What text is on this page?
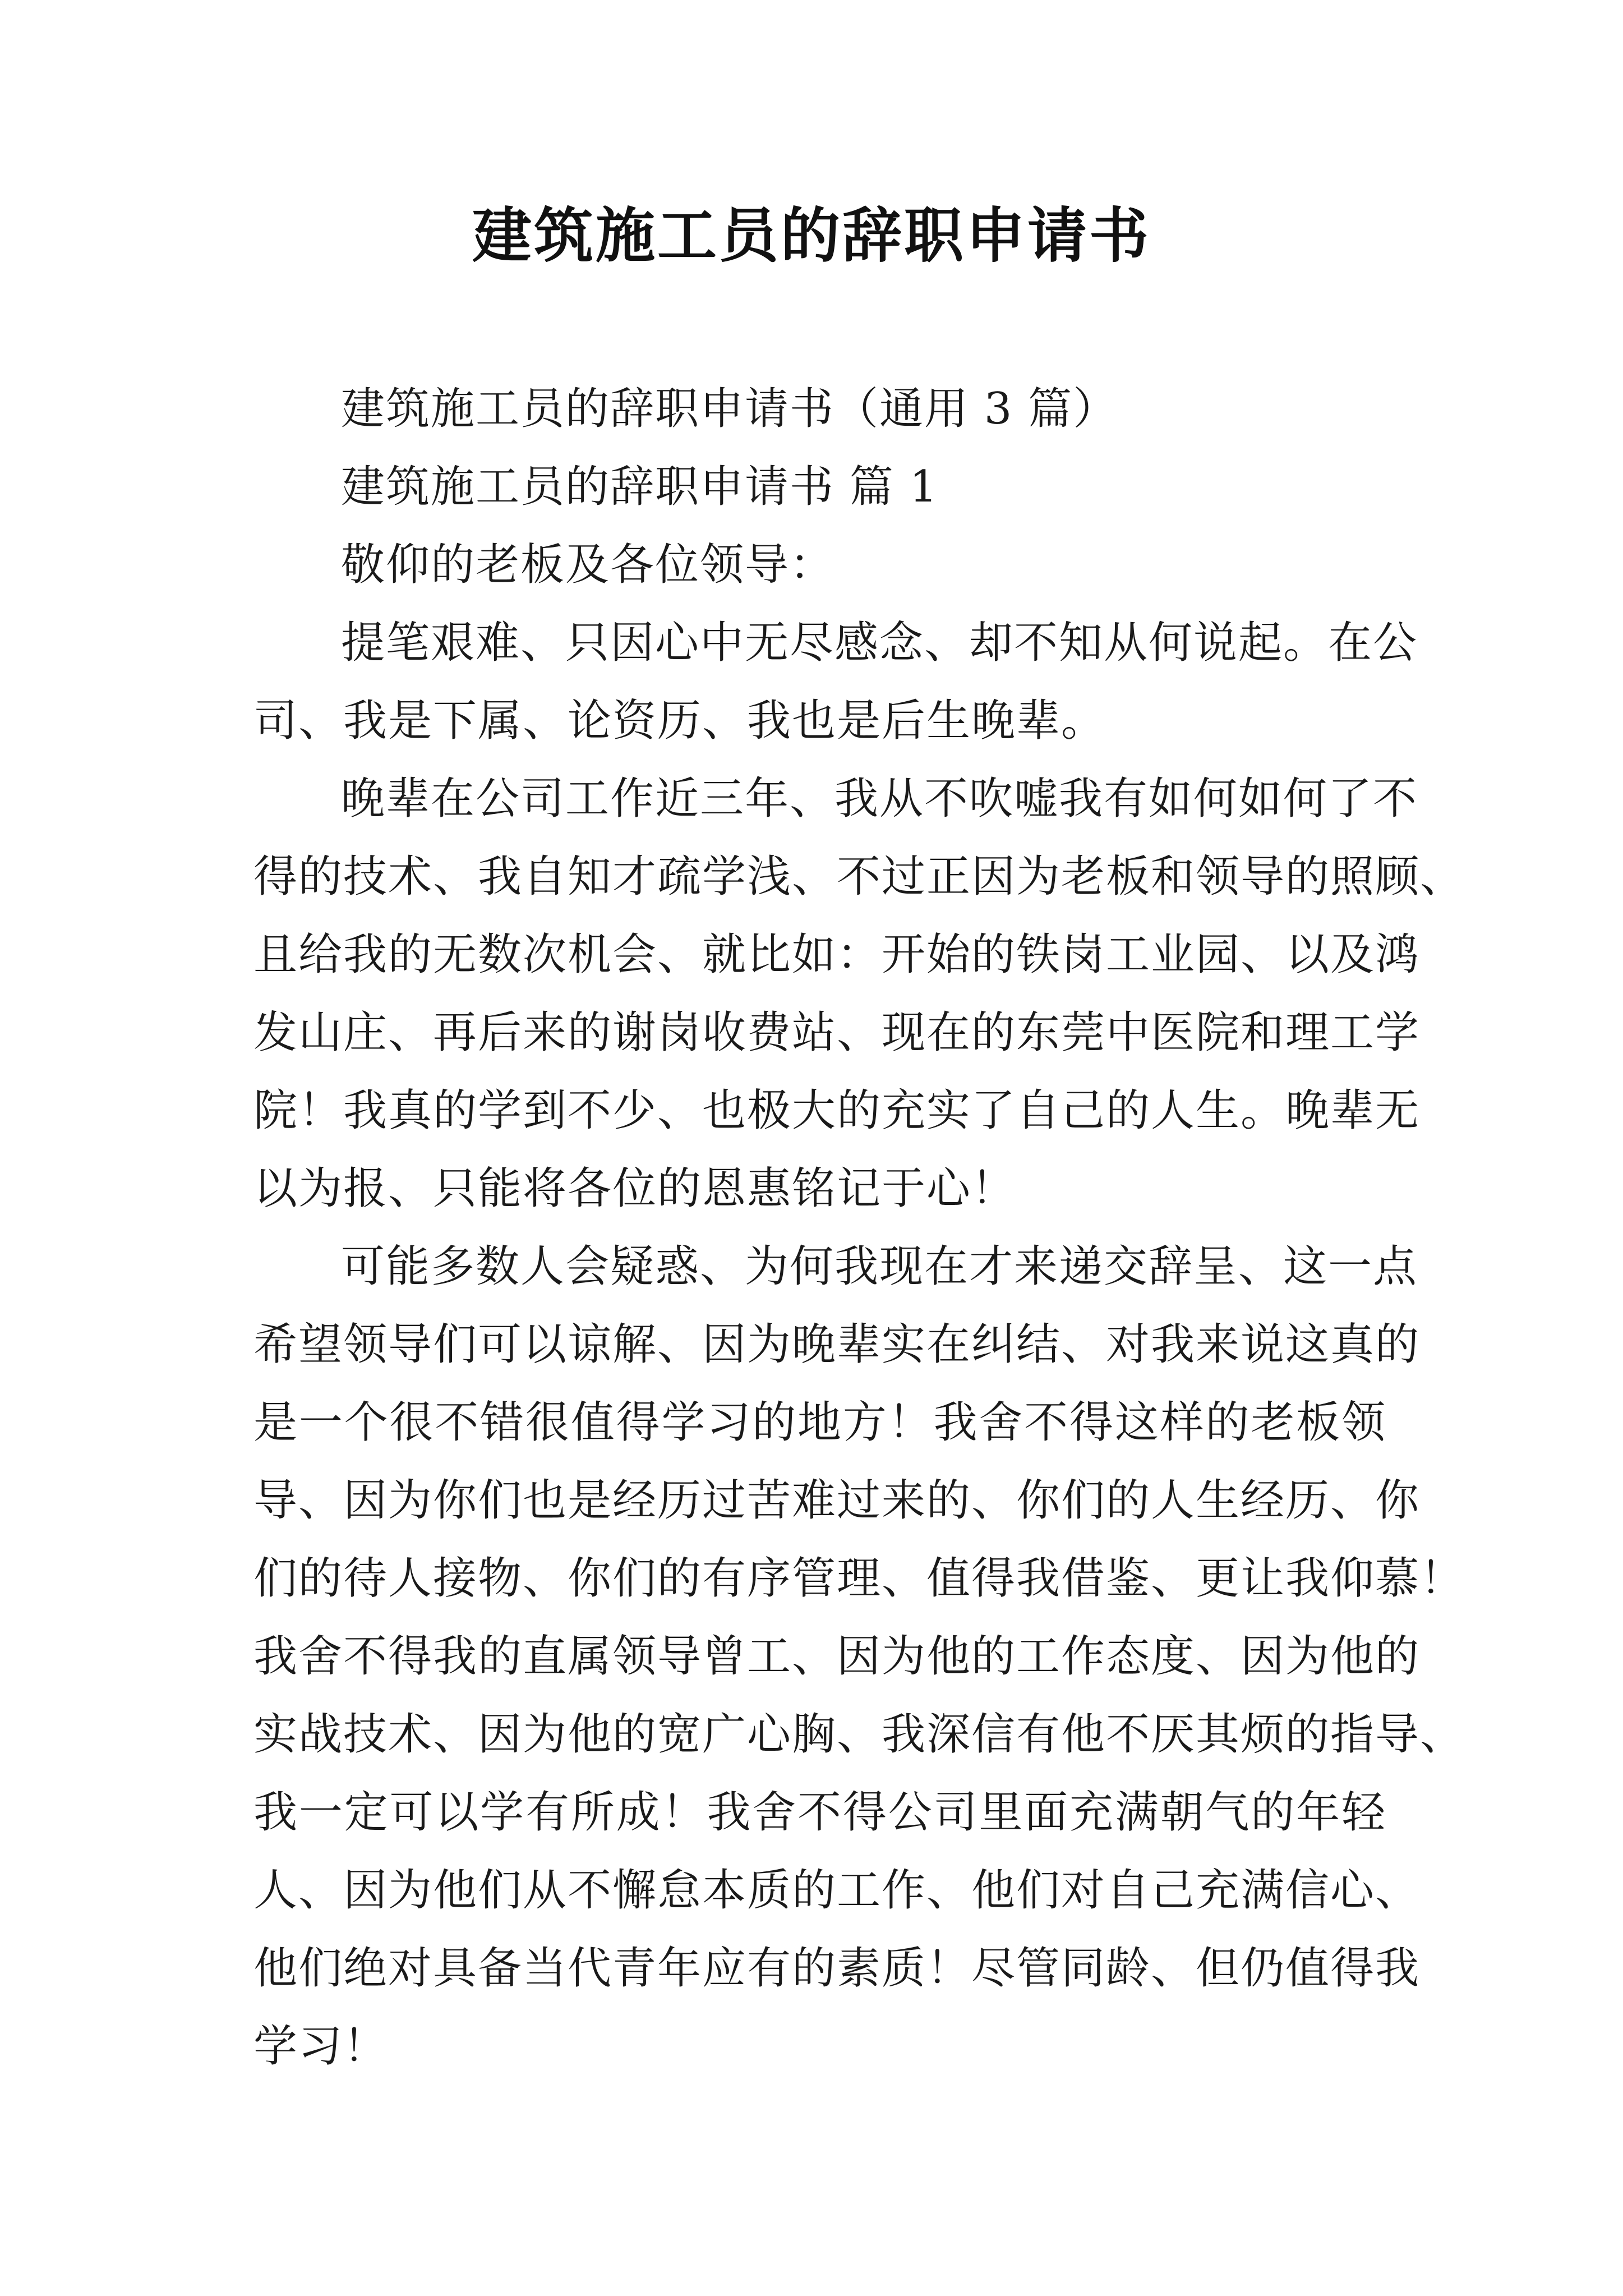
建筑施工员的辞职申请书

建筑施工员的辞职申请书（通用 3 篇）

建筑施工员的辞职申请书 篇 1

敬仰的老板及各位领导：

提笔艰难、只因心中无尽感念、却不知从何说起。在公
司、我是下属、论资历、我也是后生晚辈。

晚辈在公司工作近三年、我从不吹嘘我有如何如何了不
得的技术、我自知才疏学浅、不过正因为老板和领导的照顾、
且给我的无数次机会、就比如：开始的铁岗工业园、以及鸿
发山庄、再后来的谢岗收费站、现在的东莞中医院和理工学
院！我真的学到不少、也极大的充实了自己的人生。晚辈无
以为报、只能将各位的恩惠铭记于心！

可能多数人会疑惑、为何我现在才来递交辞呈、这一点
希望领导们可以谅解、因为晚辈实在纠结、对我来说这真的
是一个很不错很值得学习的地方！我舍不得这样的老板领
导、因为你们也是经历过苦难过来的、你们的人生经历、你
们的待人接物、你们的有序管理、值得我借鉴、更让我仰慕！
我舍不得我的直属领导曾工、因为他的工作态度、因为他的
实战技术、因为他的宽广心胸、我深信有他不厌其烦的指导、
我一定可以学有所成！我舍不得公司里面充满朝气的年轻
人、因为他们从不懈怠本质的工作、他们对自己充满信心、
他们绝对具备当代青年应有的素质！尽管同龄、但仍值得我
学习！
